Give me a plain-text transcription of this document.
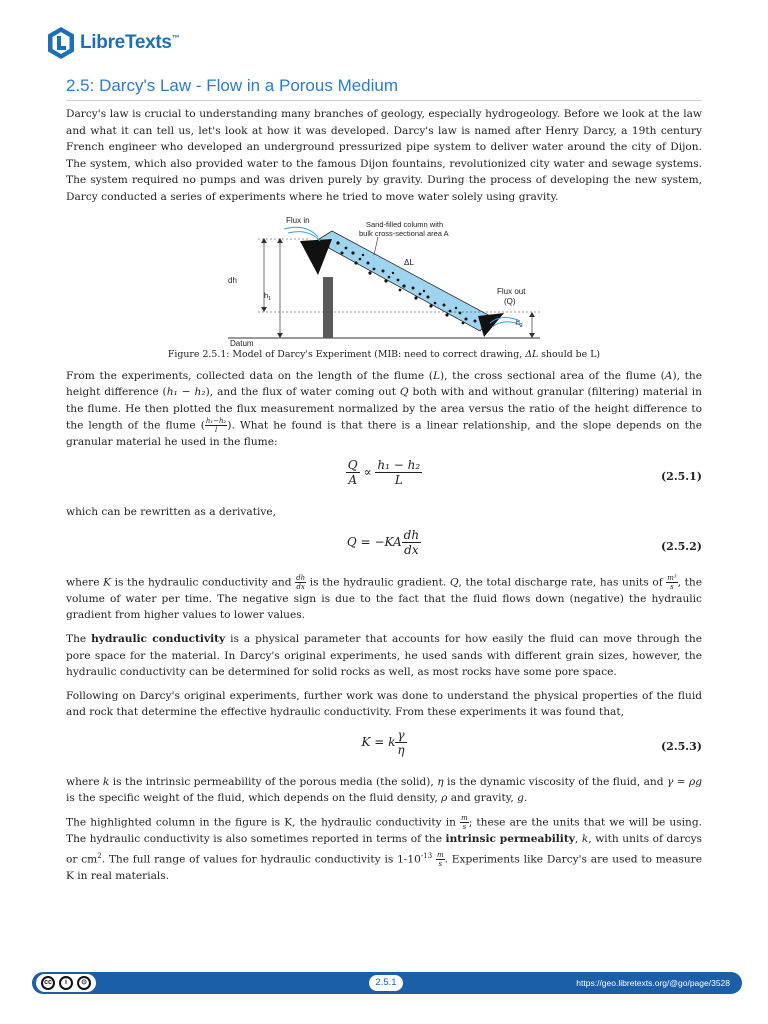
LibreTexts™
2.5: Darcy's Law - Flow in a Porous Medium

Darcy's law is crucial to understanding many branches of geology, especially hydrogeology. Before we look at the law and what it can tell us, let's look at how it was developed. Darcy's law is named after Henry Darcy, a 19th century French engineer who developed an underground pressurized pipe system to deliver water around the city of Dijon. The system, which also provided water to the famous Dijon fountains, revolutionized city water and sewage systems. The system required no pumps and was driven purely by gravity. During the process of developing the new system, Darcy conducted a series of experiments where he tried to move water solely using gravity.

Flux in	Sand-filled column with
bulk cross-sectional area A
ΔL
dh
$h_1$
Flux out
(Q)
$h_2$
Datum
Figure 2.5.1: Model of Darcy's Experiment (MIB: need to correct drawing, ΔL should be L)

From the experiments, collected data on the length of the flume (L), the cross sectional area of the flume (A), the height difference (h₁ − h₂), and the flux of water coming out Q both with and without granular (filtering) material in the flume. He then plotted the flux measurement normalized by the area versus the ratio of the height difference to the length of the flume ( $\frac{\text{h₁−h₂}}{l}$ ). What he found is that there is a linear relationship, and the slope depends on the granular material he used in the flume:

$\frac{Q}{A} \propto \frac{\text{h₁ − h₂}}{L}$	(2.5.1)

which can be rewritten as a derivative,

$Q = -KA \frac{dh}{dx}$	(2.5.2)

where K is the hydraulic conductivity and $\frac{dh}{dx}$ is the hydraulic gradient. Q, the total discharge rate, has units of $\frac{\text{m³}}{s}$ , the volume of water per time. The negative sign is due to the fact that the fluid flows down (negative) the hydraulic gradient from higher values to lower values.

The hydraulic conductivity is a physical parameter that accounts for how easily the fluid can move through the pore space for the material. In Darcy's original experiments, he used sands with different grain sizes, however, the hydraulic conductivity can be determined for solid rocks as well, as most rocks have some pore space.

Following on Darcy's original experiments, further work was done to understand the physical properties of the fluid and rock that determine the effective hydraulic conductivity. From these experiments it was found that,

K = k $\frac{\gamma}{\eta}$	(2.5.3)

where k is the intrinsic permeability of the porous media (the solid), η is the dynamic viscosity of the fluid, and γ = ρg is the specific weight of the fluid, which depends on the fluid density, ρ and gravity, g.

The highlighted column in the figure is K, the hydraulic conductivity in $\frac{m}{s}$ ; these are the units that we will be using. The hydraulic conductivity is also sometimes reported in terms of the intrinsic permeability, k, with units of darcys or $cm^2$. The full range of values for hydraulic conductivity is $1-10^{-13} \frac{m}{s}$ . Experiments like Darcy's are used to measure K in real materials.

cc	i	⊙	2.5.1	https://geo.libretexts.org/@go/page/3528
